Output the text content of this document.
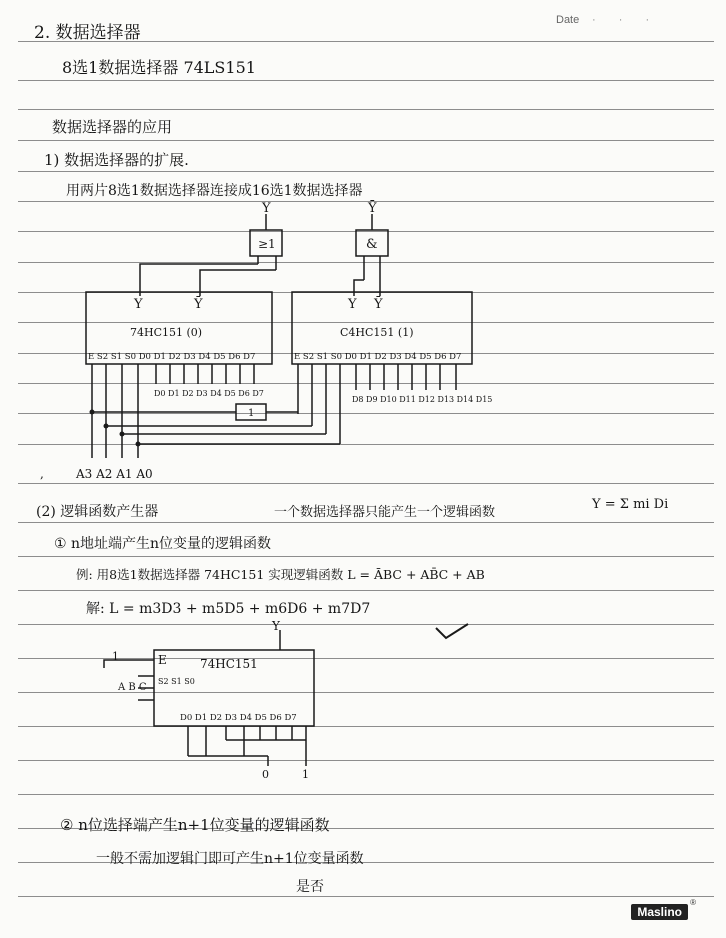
Date · · ·
2. 数据选择器
8选1数据选择器 74LS151
数据选择器的应用
1) 数据选择器的扩展.
用两片8选1数据选择器连接成16选1数据选择器
(2) 逻辑函数产生器	一个数据选择器只能产生一个逻辑函数
Y = Σ mi Di
① n地址端产生n位变量的逻辑函数
例: 用8选1数据选择器 74HC151 实现逻辑函数 L = ĀBC + AB̄C + AB
解: L = m3D3 + m5D5 + m6D6 + m7D7
② n位选择端产生n+1位变量的逻辑函数
一般不需加逻辑门即可产生n+1位变量函数
是否
≥1	&
Y	Ȳ
Y	Ȳ	Y Ȳ
74HC151 (0)	C4HC151 (1)
E S2 S1 S0 D0 D1 D2 D3 D4 D5 D6 D7	E S2 S1 S0 D0 D1 D2 D3 D4 D5 D6 D7
D0 D1 D2 D3 D4 D5 D6 D7
D8 D9 D10 D11 D12 D13 D14 D15
1
A3 A2 A1 A0
,
74HC151
E
S2 S1 S0
A B C
D0 D1 D2 D3 D4 D5 D6 D7
Y
0	1
1
Maslino
®
